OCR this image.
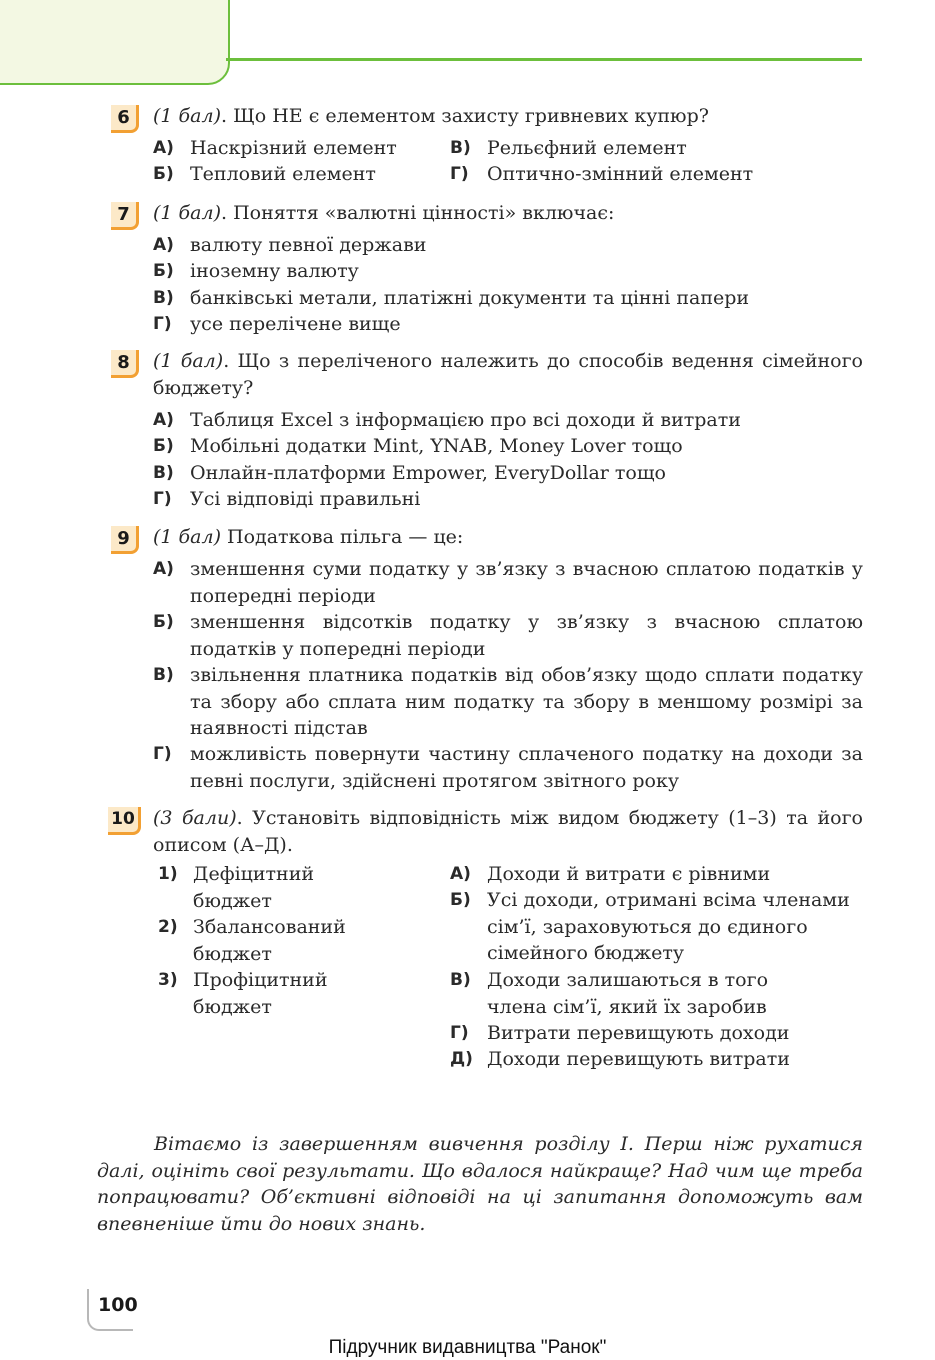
6	(1 бал). Що НЕ є елементом захисту гривневих купюр?
А) Наскрізний елемент	В) Рельєфний елемент
Б) Тепловий елемент	Г) Оптично-змінний елемент
7	(1 бал). Поняття «валютні цінності» включає:
А) валюту певної держави
Б) іноземну валюту
В) банківські метали, платіжні документи та цінні папери
Г) усе перелічене вище
8	(1 бал). Що з переліченого належить до способів ведення сімейного бюджету?
А) Таблиця Excel з інформацією про всі доходи й витрати
Б) Мобільні додатки Mint, YNAB, Money Lover тощо
В) Онлайн-платформи Empower, EveryDollar тощо
Г) Усі відповіді правильні
9	(1 бал) Податкова пільга — це:
А) зменшення суми податку у зв’язку з вчасною сплатою податків у попередні періоди
Б) зменшення відсотків податку у зв’язку з вчасною сплатою податків у попередні періоди
В) звільнення платника податків від обов’язку щодо сплати податку та збору або сплата ним податку та збору в меншому розмірі за наявності підстав
Г) можливість повернути частину сплаченого податку на доходи за певні послуги, здійснені протягом звітного року
10 (3 бали). Установіть відповідність між видом бюджету (1–3) та його описом (А–Д).
1) Дефіцитний бюджет
2) Збалансований бюджет
3) Профіцитний бюджет
А) Доходи й витрати є рівними
Б) Усі доходи, отримані всіма членами сім’ї, зараховуються до єдиного сімейного бюджету
В) Доходи залишаються в того члена сім’ї, який їх заробив
Г) Витрати перевищують доходи
Д) Доходи перевищують витрати
Вітаємо із завершенням вивчення розділу І. Перш ніж рухатися далі, оцініть свої результати. Що вдалося найкраще? Над чим ще треба попрацювати? Об’єктивні відповіді на ці запитання допоможуть вам впевненіше йти до нових знань.
100
Підручник видавництва "Ранок"
